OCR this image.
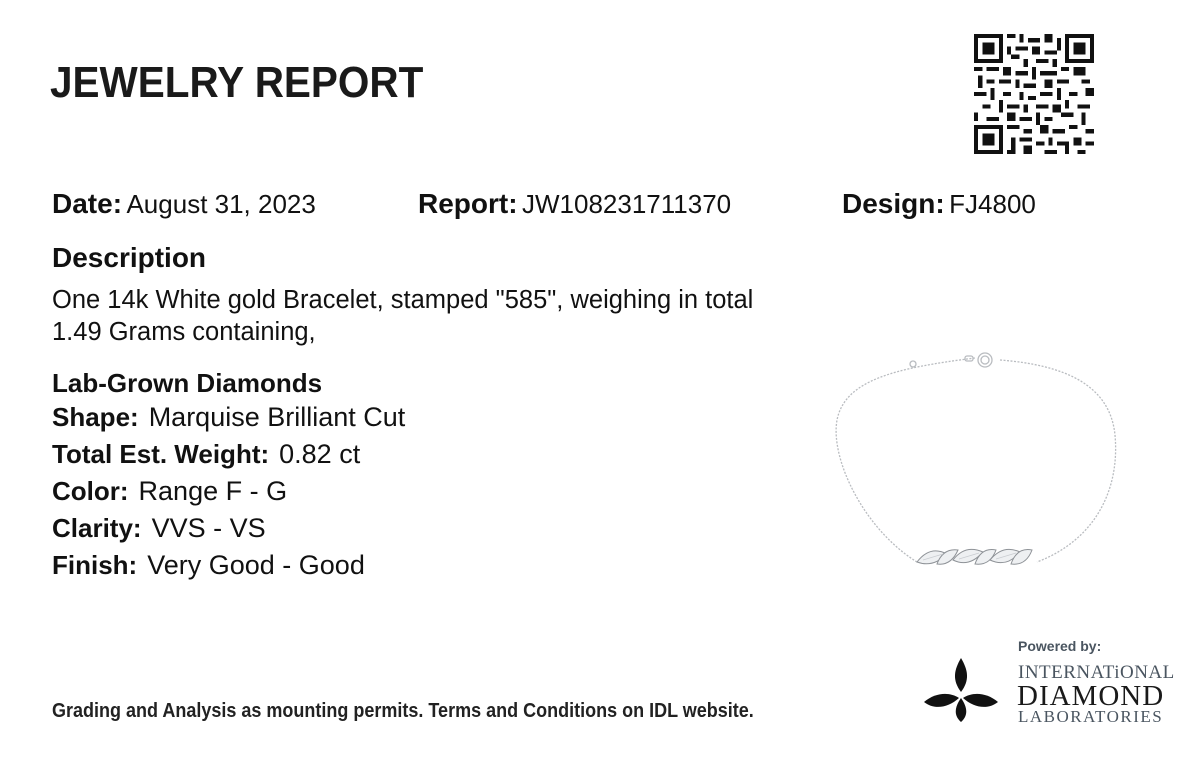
JEWELRY REPORT
Date: August 31, 2023	Report: JW108231711370	Design: FJ4800
Description
One 14k White gold Bracelet, stamped "585", weighing in total 1.49 Grams containing,
Lab-Grown Diamonds
Shape: Marquise Brilliant Cut
Total Est. Weight: 0.82 ct
Color: Range F - G
Clarity: VVS - VS
Finish: Very Good - Good
Grading and Analysis as mounting permits. Terms and Conditions on IDL website.
Powered by:
INTERNATiONAL
DIAMOND
LABORATORIES
